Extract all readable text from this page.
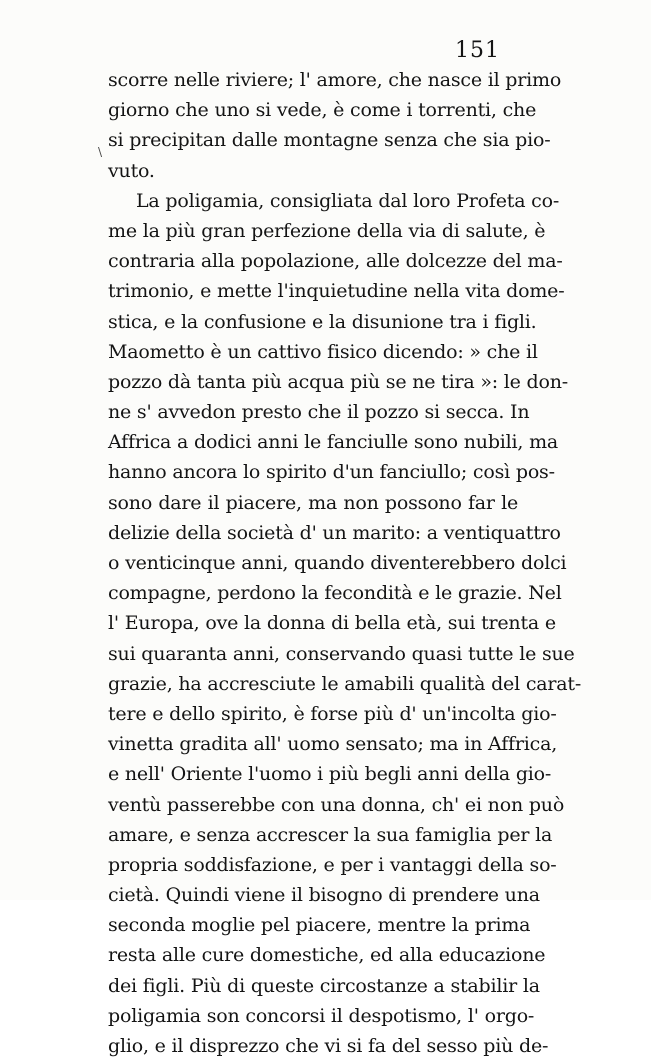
151
\
scorre nelle riviere; l' amore, che nasce il primo
giorno che uno si vede, è come i torrenti, che
si precipitan dalle montagne senza che sia pio-
vuto.
La poligamia, consigliata dal loro Profeta co-
me la più gran perfezione della via di salute, è
contraria alla popolazione, alle dolcezze del ma-
trimonio, e mette l'inquietudine nella vita dome-
stica, e la confusione e la disunione tra i figli.
Maometto è un cattivo fisico dicendo: » che il
pozzo dà tanta più acqua più se ne tira »: le don-
ne s' avvedon presto che il pozzo si secca. In
Affrica a dodici anni le fanciulle sono nubili, ma
hanno ancora lo spirito d'un fanciullo; così pos-
sono dare il piacere, ma non possono far le
delizie della società d' un marito: a ventiquattro
o venticinque anni, quando diventerebbero dolci
compagne, perdono la fecondità e le grazie. Nel
l' Europa, ove la donna di bella età, sui trenta e
sui quaranta anni, conservando quasi tutte le sue
grazie, ha accresciute le amabili qualità del carat-
tere e dello spirito, è forse più d' un'incolta gio-
vinetta gradita all' uomo sensato; ma in Affrica,
e nell' Oriente l'uomo i più begli anni della gio-
ventù passerebbe con una donna, ch' ei non può
amare, e senza accrescer la sua famiglia per la
propria soddisfazione, e per i vantaggi della so-
cietà. Quindi viene il bisogno di prendere una
seconda moglie pel piacere, mentre la prima
resta alle cure domestiche, ed alla educazione
dei figli. Più di queste circostanze a stabilir la
poligamia son concorsi il despotismo, l' orgo-
glio, e il disprezzo che vi si fa del sesso più de-
